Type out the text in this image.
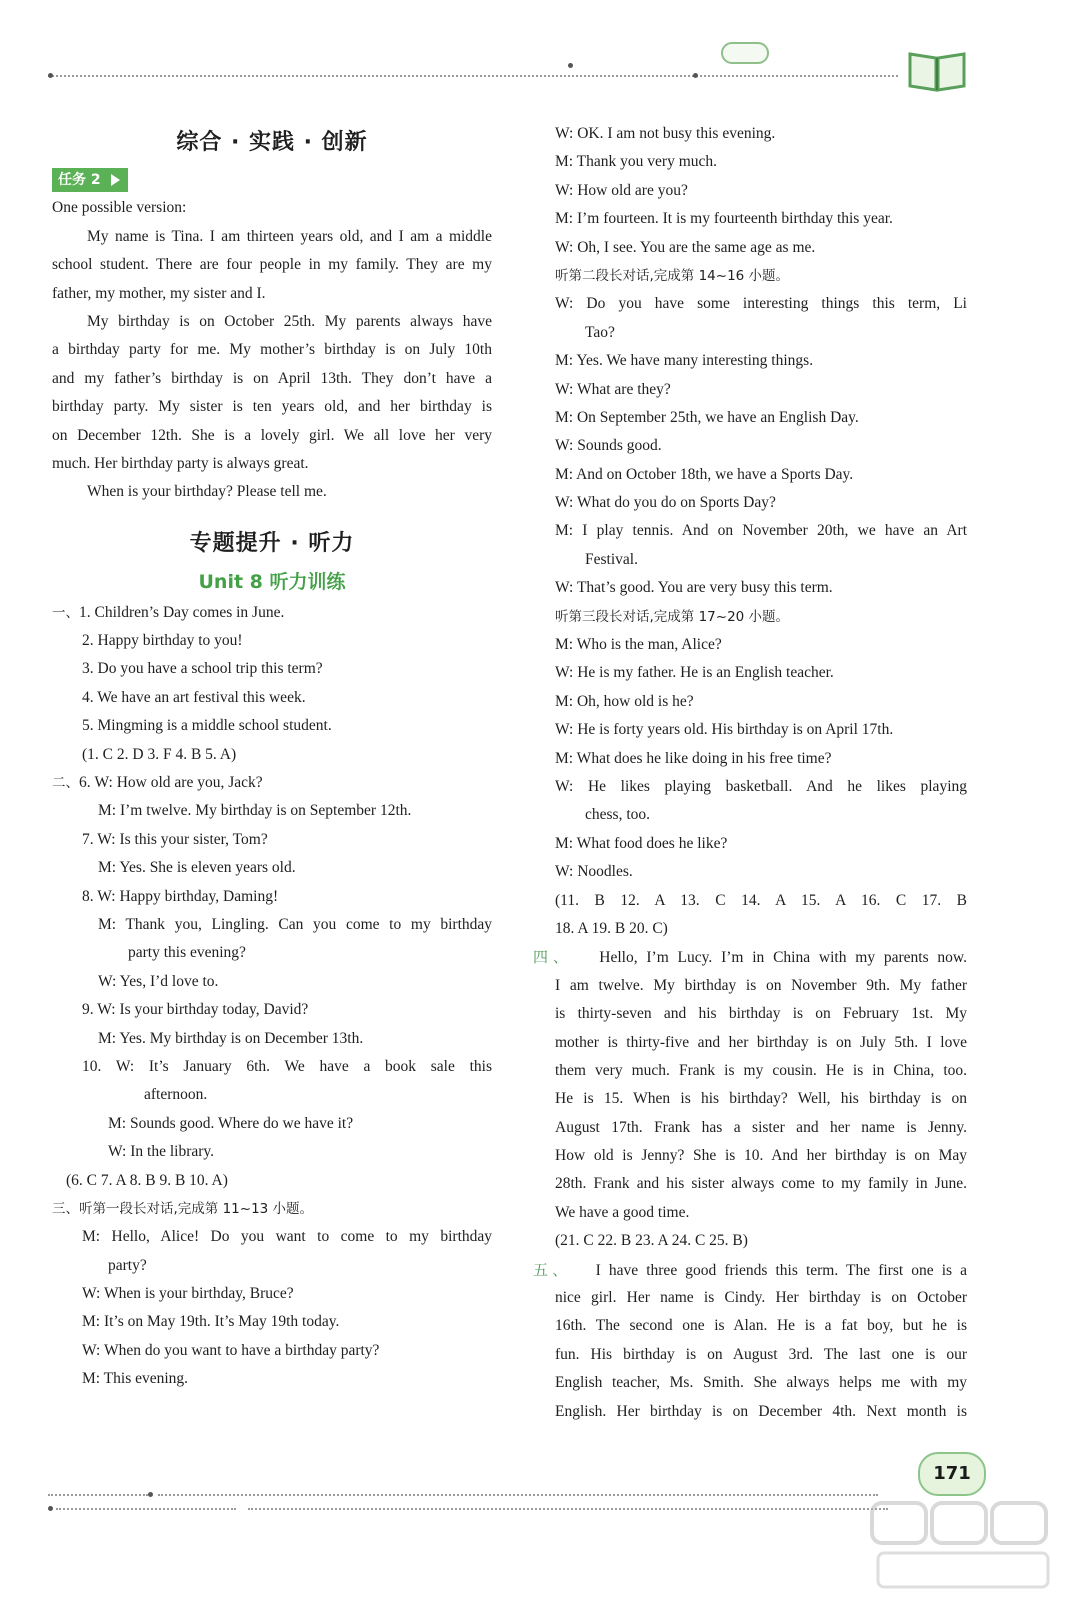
综合 · 实践 · 创新
任务 2
One possible version:
My name is Tina. I am thirteen years old, and I am a middle
school student. There are four people in my family. They are my
father, my mother, my sister and I.
My birthday is on October 25th. My parents always have
a birthday party for me. My mother’s birthday is on July 10th
and my father’s birthday is on April 13th. They don’t have a
birthday party. My sister is ten years old, and her birthday is
on December 12th. She is a lovely girl. We all love her very
much. Her birthday party is always great.
When is your birthday? Please tell me.
专题提升 · 听力
Unit 8 听力训练
一、1. Children’s Day comes in June.
2. Happy birthday to you!
3. Do you have a school trip this term?
4. We have an art festival this week.
5. Mingming is a middle school student.
(1. C 2. D 3. F 4. B 5. A)
二、6. W: How old are you, Jack?
M: I’m twelve. My birthday is on September 12th.
7. W: Is this your sister, Tom?
M: Yes. She is eleven years old.
8. W: Happy birthday, Daming!
M: Thank you, Lingling. Can you come to my birthday
party this evening?
W: Yes, I’d love to.
9. W: Is your birthday today, David?
M: Yes. My birthday is on December 13th.
10. W: It’s January 6th. We have a book sale this
afternoon.
M: Sounds good. Where do we have it?
W: In the library.
(6. C 7. A 8. B 9. B 10. A)
三、听第一段长对话,完成第 11~13 小题。
M: Hello, Alice! Do you want to come to my birthday
party?
W: When is your birthday, Bruce?
M: It’s on May 19th. It’s May 19th today.
W: When do you want to have a birthday party?
M: This evening.
W: OK. I am not busy this evening.
M: Thank you very much.
W: How old are you?
M: I’m fourteen. It is my fourteenth birthday this year.
W: Oh, I see. You are the same age as me.
听第二段长对话,完成第 14~16 小题。
W: Do you have some interesting things this term, Li
Tao?
M: Yes. We have many interesting things.
W: What are they?
M: On September 25th, we have an English Day.
W: Sounds good.
M: And on October 18th, we have a Sports Day.
W: What do you do on Sports Day?
M: I play tennis. And on November 20th, we have an Art
Festival.
W: That’s good. You are very busy this term.
听第三段长对话,完成第 17~20 小题。
M: Who is the man, Alice?
W: He is my father. He is an English teacher.
M: Oh, how old is he?
W: He is forty years old. His birthday is on April 17th.
M: What does he like doing in his free time?
W: He likes playing basketball. And he likes playing
chess, too.
M: What food does he like?
W: Noodles.
(11. B 12. A 13. C 14. A 15. A 16. C 17. B
18. A 19. B 20. C)
四、 Hello, I’m Lucy. I’m in China with my parents now.
I am twelve. My birthday is on November 9th. My father
is thirty-seven and his birthday is on February 1st. My
mother is thirty-five and her birthday is on July 5th. I love
them very much. Frank is my cousin. He is in China, too.
He is 15. When is his birthday? Well, his birthday is on
August 17th. Frank has a sister and her name is Jenny.
How old is Jenny? She is 10. And her birthday is on May
28th. Frank and his sister always come to my family in June.
We have a good time.
(21. C 22. B 23. A 24. C 25. B)
五、 I have three good friends this term. The first one is a
nice girl. Her name is Cindy. Her birthday is on October
16th. The second one is Alan. He is a fat boy, but he is
fun. His birthday is on August 3rd. The last one is our
English teacher, Ms. Smith. She always helps me with my
English. Her birthday is on December 4th. Next month is
171
